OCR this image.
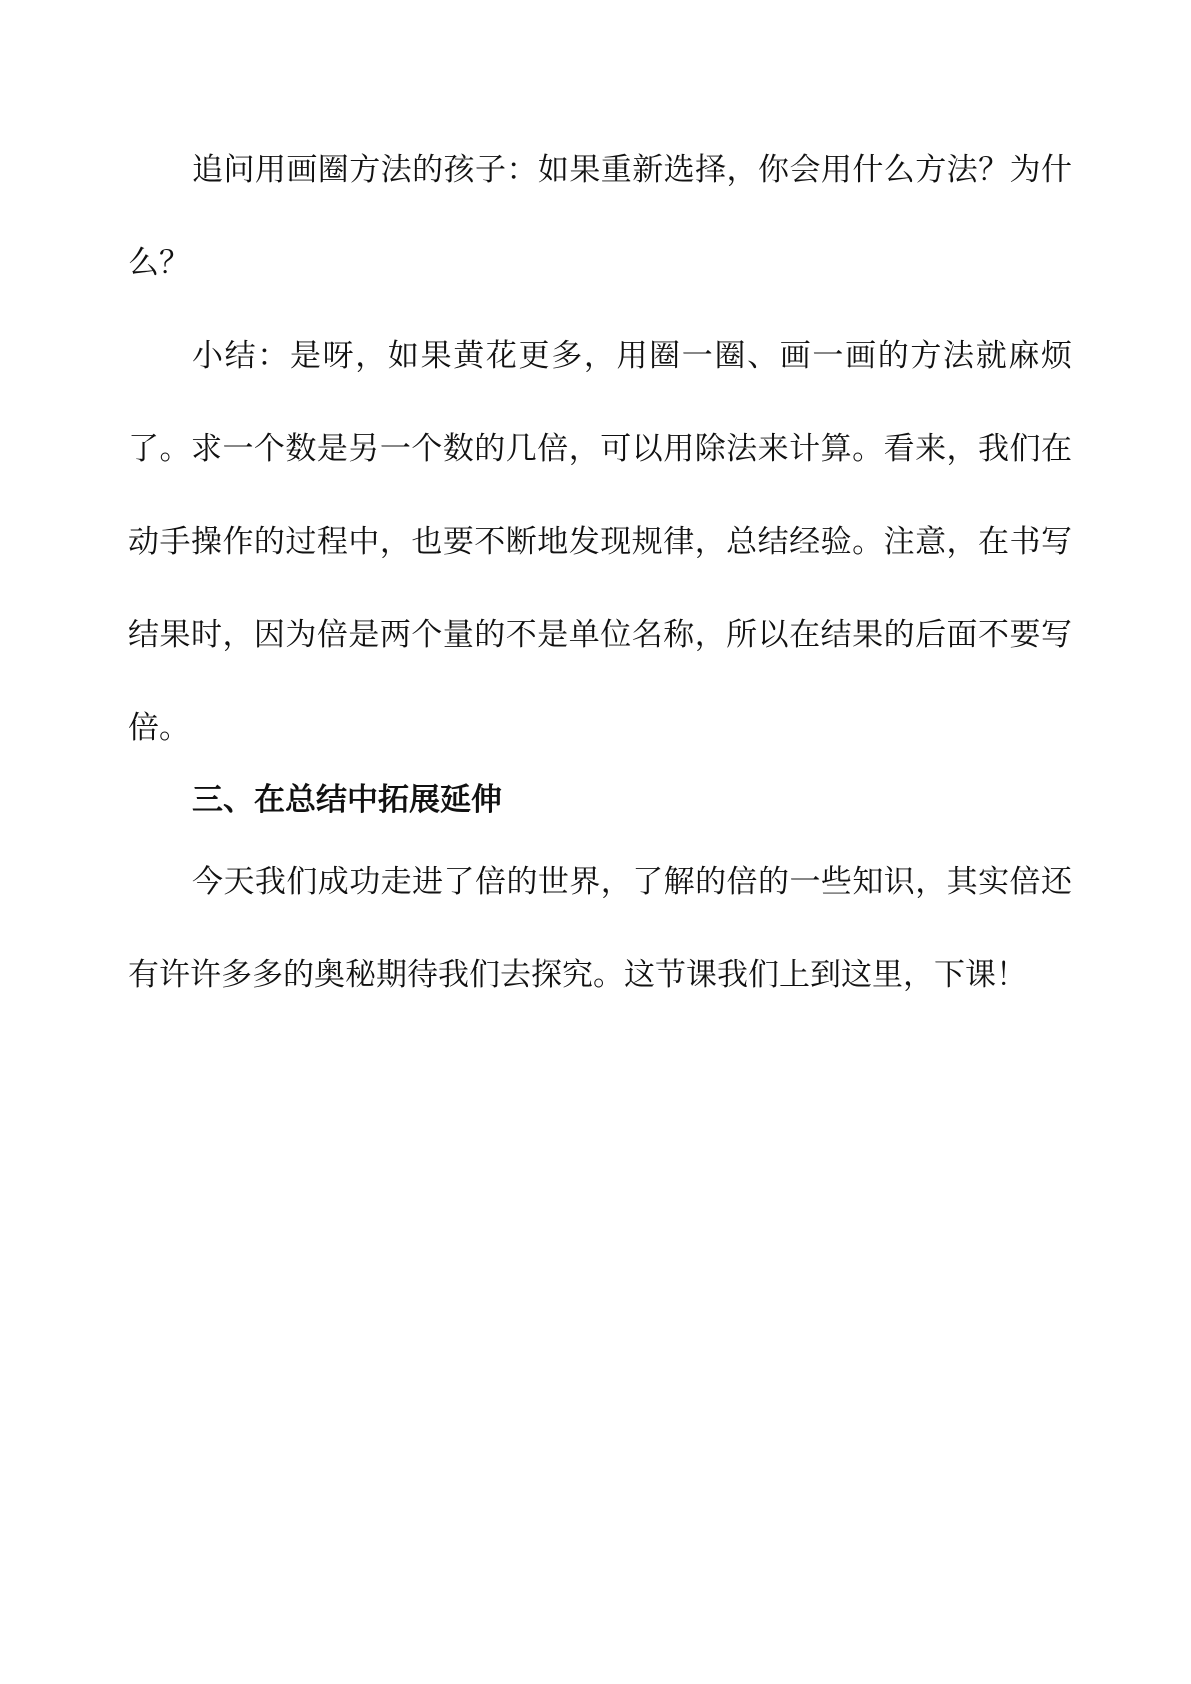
追问用画圈方法的孩子：如果重新选择，你会用什么方法？为什么？

小结：是呀，如果黄花更多，用圈一圈、画一画的方法就麻烦了。求一个数是另一个数的几倍，可以用除法来计算。看来，我们在动手操作的过程中，也要不断地发现规律，总结经验。注意，在书写结果时，因为倍是两个量的不是单位名称，所以在结果的后面不要写倍。

三、在总结中拓展延伸

今天我们成功走进了倍的世界，了解的倍的一些知识，其实倍还有许许多多的奥秘期待我们去探究。这节课我们上到这里，下课！
